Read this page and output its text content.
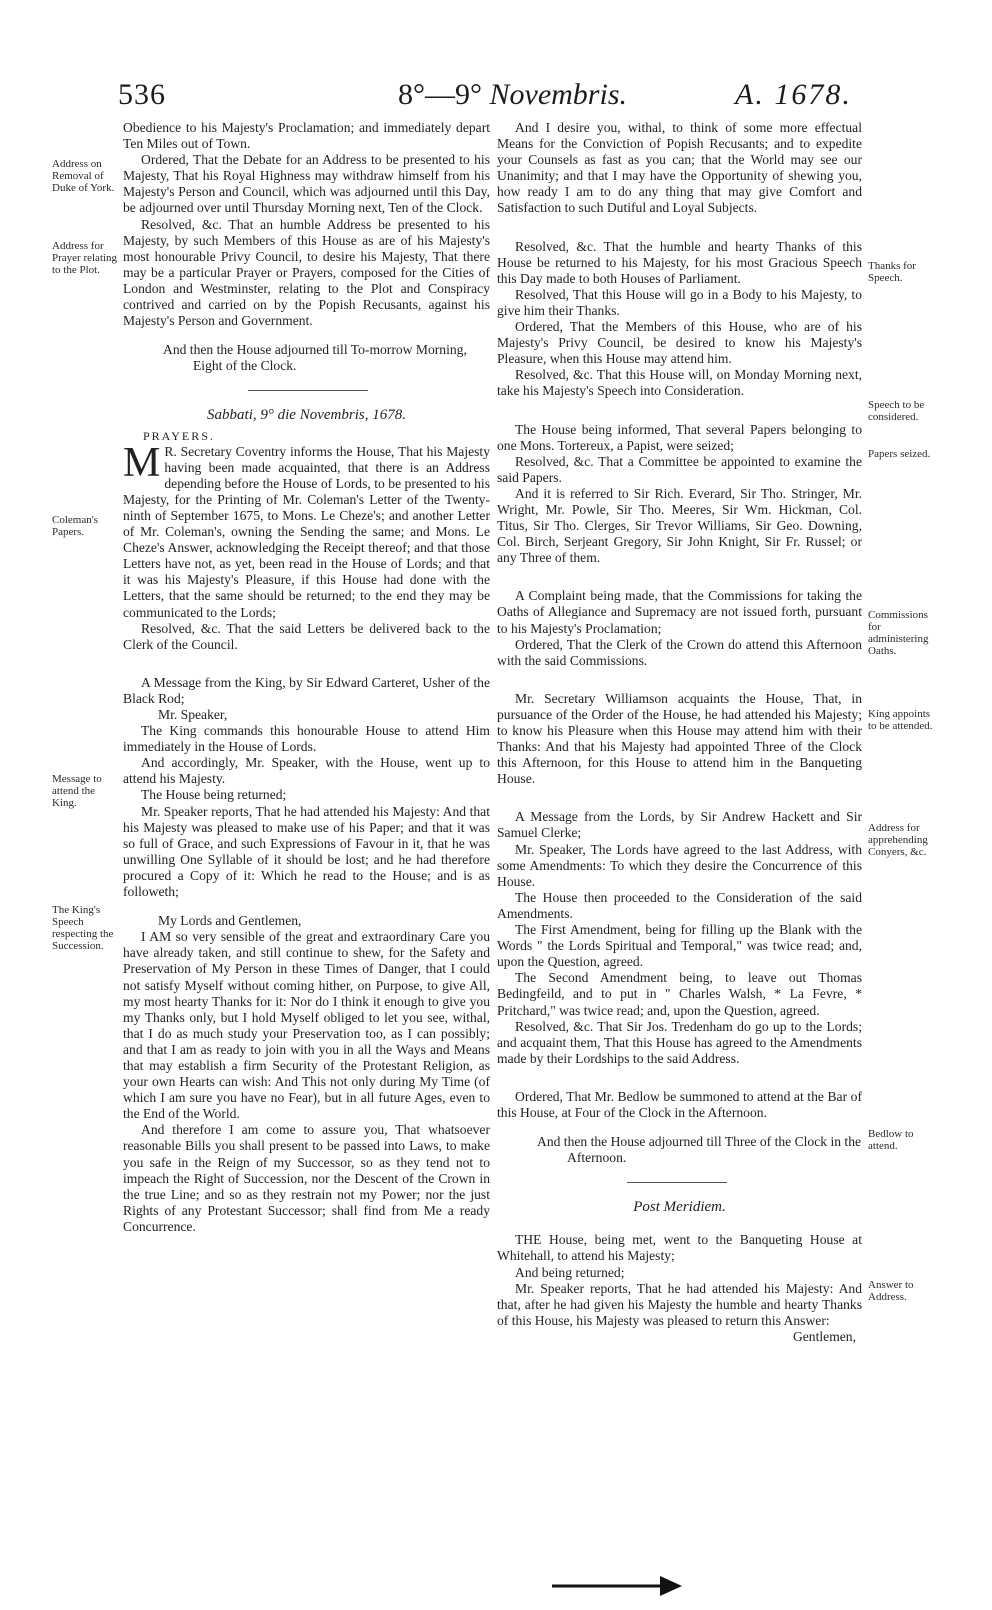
536	8°—9° Novembris.	A. 1678.
Address on Removal of Duke of York.
Address for Prayer relating to the Plot.
Coleman's Papers.
Message to attend the King.
The King's Speech respecting the Succession.
Thanks for Speech.
Speech to be considered.
Papers seized.
Commissions for administering Oaths.
King appoints to be attended.
Address for apprehending Conyers, &c.
Bedlow to attend.
Answer to Address.

Obedience to his Majesty's Proclamation; and immediately depart Ten Miles out of Town.

Ordered, That the Debate for an Address to be presented to his Majesty, That his Royal Highness may withdraw himself from his Majesty's Person and Council, which was adjourned until this Day, be adjourned over until Thursday Morning next, Ten of the Clock.

Resolved, &c. That an humble Address be presented to his Majesty, by such Members of this House as are of his Majesty's most honourable Privy Council, to desire his Majesty, That there may be a particular Prayer or Prayers, composed for the Cities of London and Westminster, relating to the Plot and Conspiracy contrived and carried on by the Popish Recusants, against his Majesty's Person and Government.

And then the House adjourned till To-morrow Morning, Eight of the Clock.

Sabbati, 9° die Novembris, 1678.

PRAYERS.

M R. Secretary Coventry informs the House, That his Majesty having been made acquainted, that there is an Address depending before the House of Lords, to be presented to his Majesty, for the Printing of Mr. Coleman's Letter of the Twenty-ninth of September 1675, to Mons. Le Cheze's; and another Letter of Mr. Coleman's, owning the Sending the same; and Mons. Le Cheze's Answer, acknowledging the Receipt thereof; and that those Letters have not, as yet, been read in the House of Lords; and that it was his Majesty's Pleasure, if this House had done with the Letters, that the same should be returned; to the end they may be communicated to the Lords;

Resolved, &c. That the said Letters be delivered back to the Clerk of the Council.

A Message from the King, by Sir Edward Carteret, Usher of the Black Rod;

Mr. Speaker,

The King commands this honourable House to attend Him immediately in the House of Lords.

And accordingly, Mr. Speaker, with the House, went up to attend his Majesty.

The House being returned;

Mr. Speaker reports, That he had attended his Majesty: And that his Majesty was pleased to make use of his Paper; and that it was so full of Grace, and such Expressions of Favour in it, that he was unwilling One Syllable of it should be lost; and he had therefore procured a Copy of it: Which he read to the House; and is as followeth;

My Lords and Gentlemen,

I AM so very sensible of the great and extraordinary Care you have already taken, and still continue to shew, for the Safety and Preservation of My Person in these Times of Danger, that I could not satisfy Myself without coming hither, on Purpose, to give All, my most hearty Thanks for it: Nor do I think it enough to give you my Thanks only, but I hold Myself obliged to let you see, withal, that I do as much study your Preservation too, as I can possibly; and that I am as ready to join with you in all the Ways and Means that may establish a firm Security of the Protestant Religion, as your own Hearts can wish: And This not only during My Time (of which I am sure you have no Fear), but in all future Ages, even to the End of the World.

And therefore I am come to assure you, That whatsoever reasonable Bills you shall present to be passed into Laws, to make you safe in the Reign of my Successor, so as they tend not to impeach the Right of Succession, nor the Descent of the Crown in the true Line; and so as they restrain not my Power; nor the just Rights of any Protestant Successor; shall find from Me a ready Concurrence.

And I desire you, withal, to think of some more effectual Means for the Conviction of Popish Recusants; and to expedite your Counsels as fast as you can; that the World may see our Unanimity; and that I may have the Opportunity of shewing you, how ready I am to do any thing that may give Comfort and Satisfaction to such Dutiful and Loyal Subjects.

Resolved, &c. That the humble and hearty Thanks of this House be returned to his Majesty, for his most Gracious Speech this Day made to both Houses of Parliament.

Resolved, That this House will go in a Body to his Majesty, to give him their Thanks.

Ordered, That the Members of this House, who are of his Majesty's Privy Council, be desired to know his Majesty's Pleasure, when this House may attend him.

Resolved, &c. That this House will, on Monday Morning next, take his Majesty's Speech into Consideration.

The House being informed, That several Papers belonging to one Mons. Tortereux, a Papist, were seized;

Resolved, &c. That a Committee be appointed to examine the said Papers.

And it is referred to Sir Rich. Everard, Sir Tho. Stringer, Mr. Wright, Mr. Powle, Sir Tho. Meeres, Sir Wm. Hickman, Col. Titus, Sir Tho. Clerges, Sir Trevor Williams, Sir Geo. Downing, Col. Birch, Serjeant Gregory, Sir John Knight, Sir Fr. Russel; or any Three of them.

A Complaint being made, that the Commissions for taking the Oaths of Allegiance and Supremacy are not issued forth, pursuant to his Majesty's Proclamation;

Ordered, That the Clerk of the Crown do attend this Afternoon with the said Commissions.

Mr. Secretary Williamson acquaints the House, That, in pursuance of the Order of the House, he had attended his Majesty; to know his Pleasure when this House may attend him with their Thanks: And that his Majesty had appointed Three of the Clock this Afternoon, for this House to attend him in the Banqueting House.

A Message from the Lords, by Sir Andrew Hackett and Sir Samuel Clerke;

Mr. Speaker, The Lords have agreed to the last Address, with some Amendments: To which they desire the Concurrence of this House.

The House then proceeded to the Consideration of the said Amendments.

The First Amendment, being for filling up the Blank with the Words " the Lords Spiritual and Temporal," was twice read; and, upon the Question, agreed.

The Second Amendment being, to leave out Thomas Bedingfeild, and to put in " Charles Walsh, * La Fevre, * Pritchard," was twice read; and, upon the Question, agreed.

Resolved, &c. That Sir Jos. Tredenham do go up to the Lords; and acquaint them, That this House has agreed to the Amendments made by their Lordships to the said Address.

Ordered, That Mr. Bedlow be summoned to attend at the Bar of this House, at Four of the Clock in the Afternoon.

And then the House adjourned till Three of the Clock in the Afternoon.

Post Meridiem.

THE House, being met, went to the Banqueting House at Whitehall, to attend his Majesty;

And being returned;

Mr. Speaker reports, That he had attended his Majesty: And that, after he had given his Majesty the humble and hearty Thanks of this House, his Majesty was pleased to return this Answer:

Gentlemen,
